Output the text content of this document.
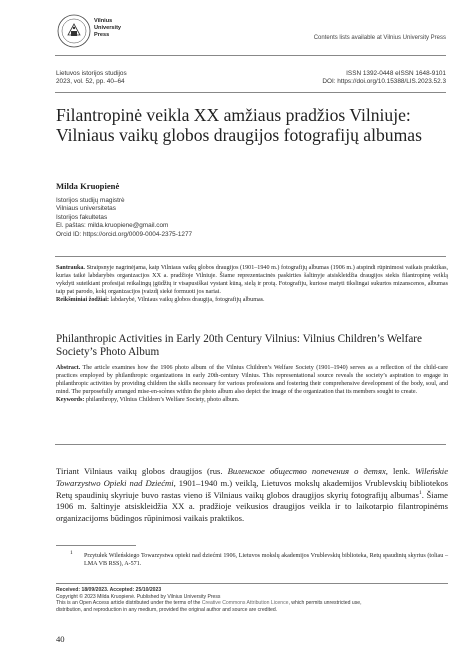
Vilnius
University
Press	Contents lists available at Vilnius University Press
Lietuvos istorijos studijos
2023, vol. 52, pp. 40–64
ISSN 1392-0448 eISSN 1648-9101
DOI: https://doi.org/10.15388/LIS.2023.52.3
Filantropinė veikla XX amžiaus pradžios Vilniuje: Vilniaus vaikų globos draugijos fotografijų albumas
Milda Kruopienė
Istorijos studijų magistrė
Vilniaus universitetas
Istorijos fakultetas
El. paštas: milda.kruopiene@gmail.com
Orcid ID: https://orcid.org/0009-0004-2375-1277
Santrauka. Straipsnyje nagrinėjama, kaip Vilniaus vaikų globos draugijos (1901–1940 m.) fotografijų albumas (1906 m.) atspindi rūpinimosi vaikais praktikas, kurias taikė labdarybės organizacijos XX a. pradžioje Vilniuje. Šiame reprezentacinės paskirties šaltinyje atsiskleidžia draugijos siekis filantropinę veiklą vykdyti suteikiant profesijai reikalingų įgūdžių ir visapusiškai vystant kūną, sielą ir protą. Fotografiju, kuriose matyti tikslingai sukurtos mizanscenos, albumas taip pat parodo, kokį organizacijos įvaizdį siekė formuoti jos nariai.
Reikšminiai žodžiai: labdarybė, Vilniaus vaikų globos draugija, fotografijų albumas.
Philanthropic Activities in Early 20th Century Vilnius: Vilnius Children’s Welfare Society’s Photo Album
Abstract. The article examines how the 1906 photo album of the Vilnius Children’s Welfare Society (1901–1940) serves as a reflection of the child-care practices employed by philanthropic organizations in early 20th-century Vilnius. This representational source reveals the society’s aspiration to engage in philanthropic activities by providing children the skills necessary for various professions and fostering their comprehensive development of the body, soul, and mind. The purposefully arranged mise-en-scènes within the photo album also depict the image of the organization that its members sought to create.
Keywords: philanthropy, Vilnius Children’s Welfare Society, photo album.

Tiriant Vilniaus vaikų globos draugijos (rus. Виленское общество попечения о детях, lenk. Wileńskie Towarzystwo Opieki nad Dziećmi, 1901–1940 m.) veiklą, Lietuvos mokslų akademijos Vrublevskių bibliotekos Retų spaudinių skyriuje buvo rastas vieno iš Vilniaus vaikų globos draugijos skyrių fotografijų albumas$^1$. Šiame 1906 m. šaltinyje atsiskleidžia XX a. pradžioje veikusios draugijos veikla ir to laikotarpio filantropinėms organizacijoms būdingos rūpinimosi vaikais praktikos.

1	Przytułek Wileńskiego Towarzystwa opieki nad dziećmi 1906, Lietuvos mokslų akademijos Vrublevskių biblioteka, Retų spaudinių skyrius (toliau – LMA VB RSS), A-571.
Received: 18/09/2023. Accepted: 25/10/2023
Copyright © 2023 Milda Kruopienė. Published by Vilnius University Press
This is an Open Access article distributed under the terms of the Creative Commons Attribution Licence, which permits unrestricted use,
distribution, and reproduction in any medium, provided the original author and source are credited.
40
